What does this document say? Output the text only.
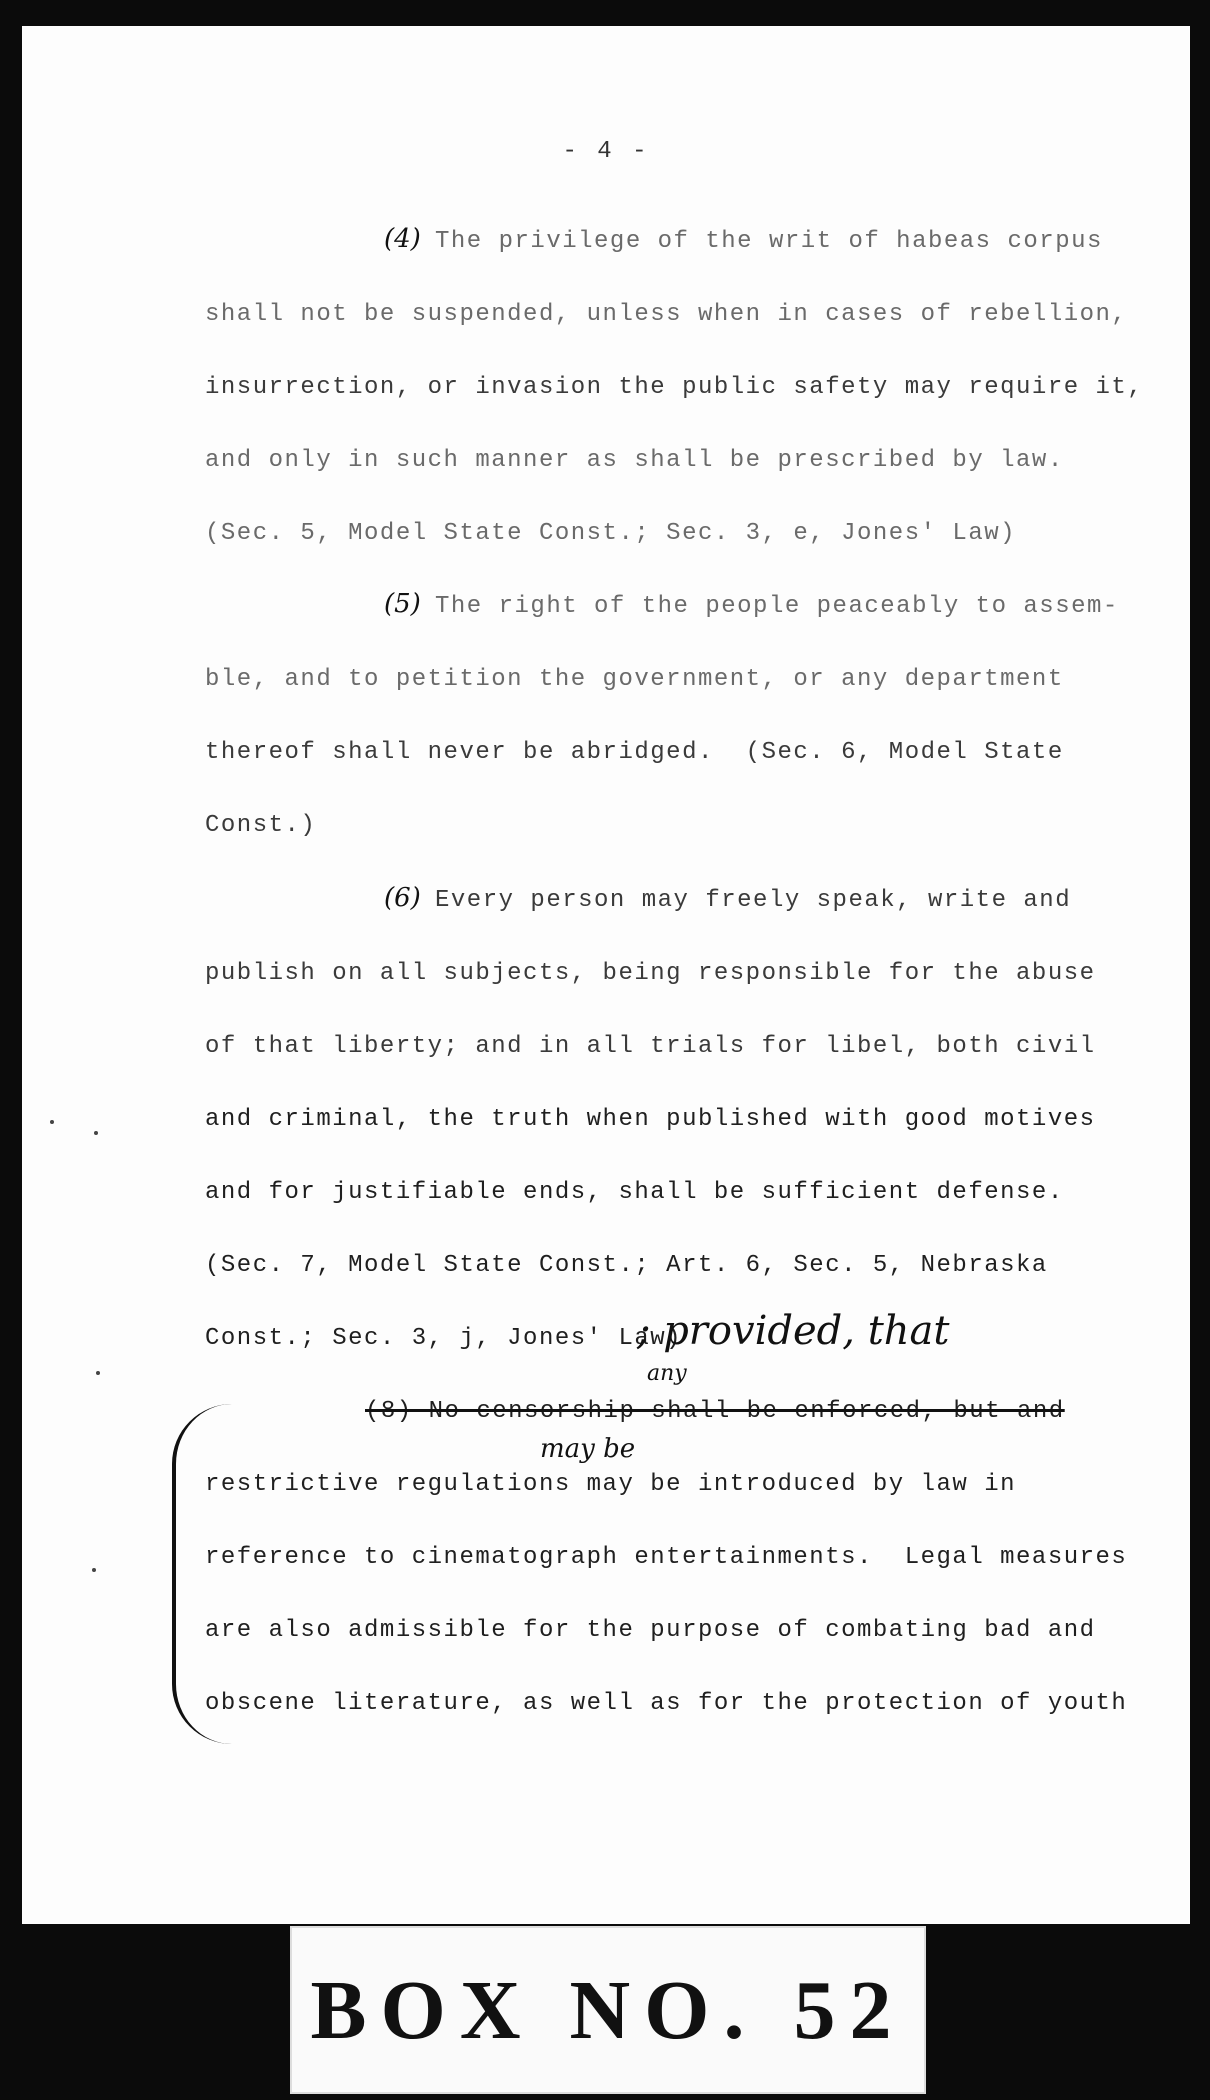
- 4 -
(4) The privilege of the writ of habeas corpus
shall not be suspended, unless when in cases of rebellion,
insurrection, or invasion the public safety may require it,
and only in such manner as shall be prescribed by law.
(Sec. 5, Model State Const.; Sec. 3, e, Jones' Law)
(5) The right of the people peaceably to assem-
ble, and to petition the government, or any department
thereof shall never be abridged.  (Sec. 6, Model State
Const.)
(6) Every person may freely speak, write and
publish on all subjects, being responsible for the abuse
of that liberty; and in all trials for libel, both civil
and criminal, the truth when published with good motives
and for justifiable ends, shall be sufficient defense.
(Sec. 7, Model State Const.; Art. 6, Sec. 5, Nebraska
Const.; Sec. 3, j, Jones' Law)
; provided, that
(8) No censorship shall be enforced, but and
any
restrictive regulations may be introduced by law in
may be
reference to cinematograph entertainments.  Legal measures
are also admissible for the purpose of combating bad and
obscene literature, as well as for the protection of youth
BOX NO. 52
